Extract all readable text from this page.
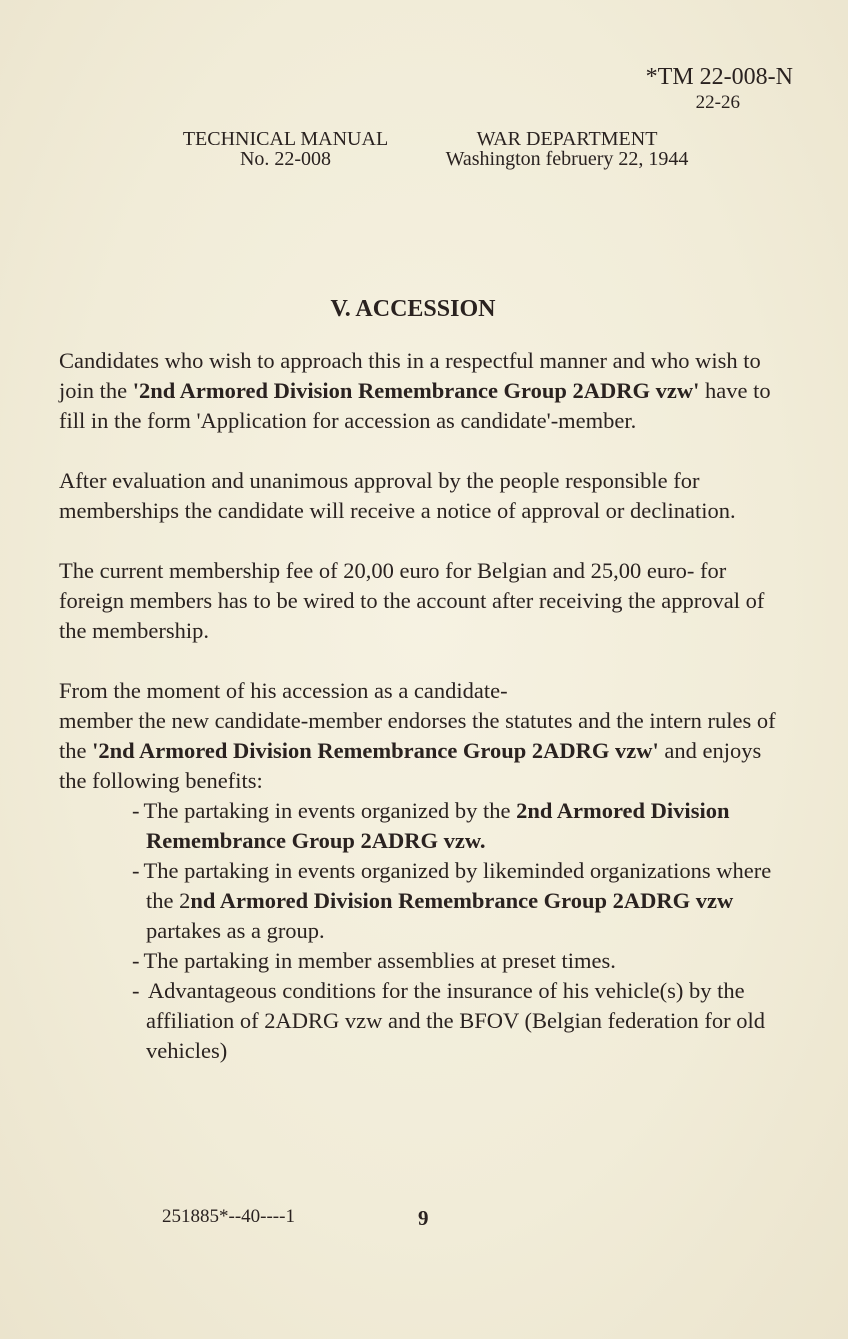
*TM 22-008-N
22-26
TECHNICAL MANUAL
No. 22-008
WAR DEPARTMENT
Washington februery 22, 1944
V. ACCESSION

Candidates who wish to approach this in a respectful manner and who wish to join the '2nd Armored Division Remembrance Group 2ADRG vzw' have to fill in the form 'Application for accession as candidate'-member.

After evaluation and unanimous approval by the people responsible for memberships the candidate will receive a notice of approval or declination.

The current membership fee of 20,00 euro for Belgian and 25,00 euro- for foreign members has to be wired to the account after receiving the approval of the membership.

From the moment of his accession as a candidate-
member the new candidate-member endorses the statutes and the intern rules of the '2nd Armored Division Remembrance Group 2ADRG vzw' and enjoys the following benefits:
- The partaking in events organized by the 2nd Armored Division Remembrance Group 2ADRG vzw.
- The partaking in events organized by likeminded organizations where the 2nd Armored Division Remembrance Group 2ADRG vzw partakes as a group.
- The partaking in member assemblies at preset times.
- Advantageous conditions for the insurance of his vehicle(s) by the affiliation of 2ADRG vzw and the BFOV (Belgian federation for old vehicles)
251885*--40----1	9
